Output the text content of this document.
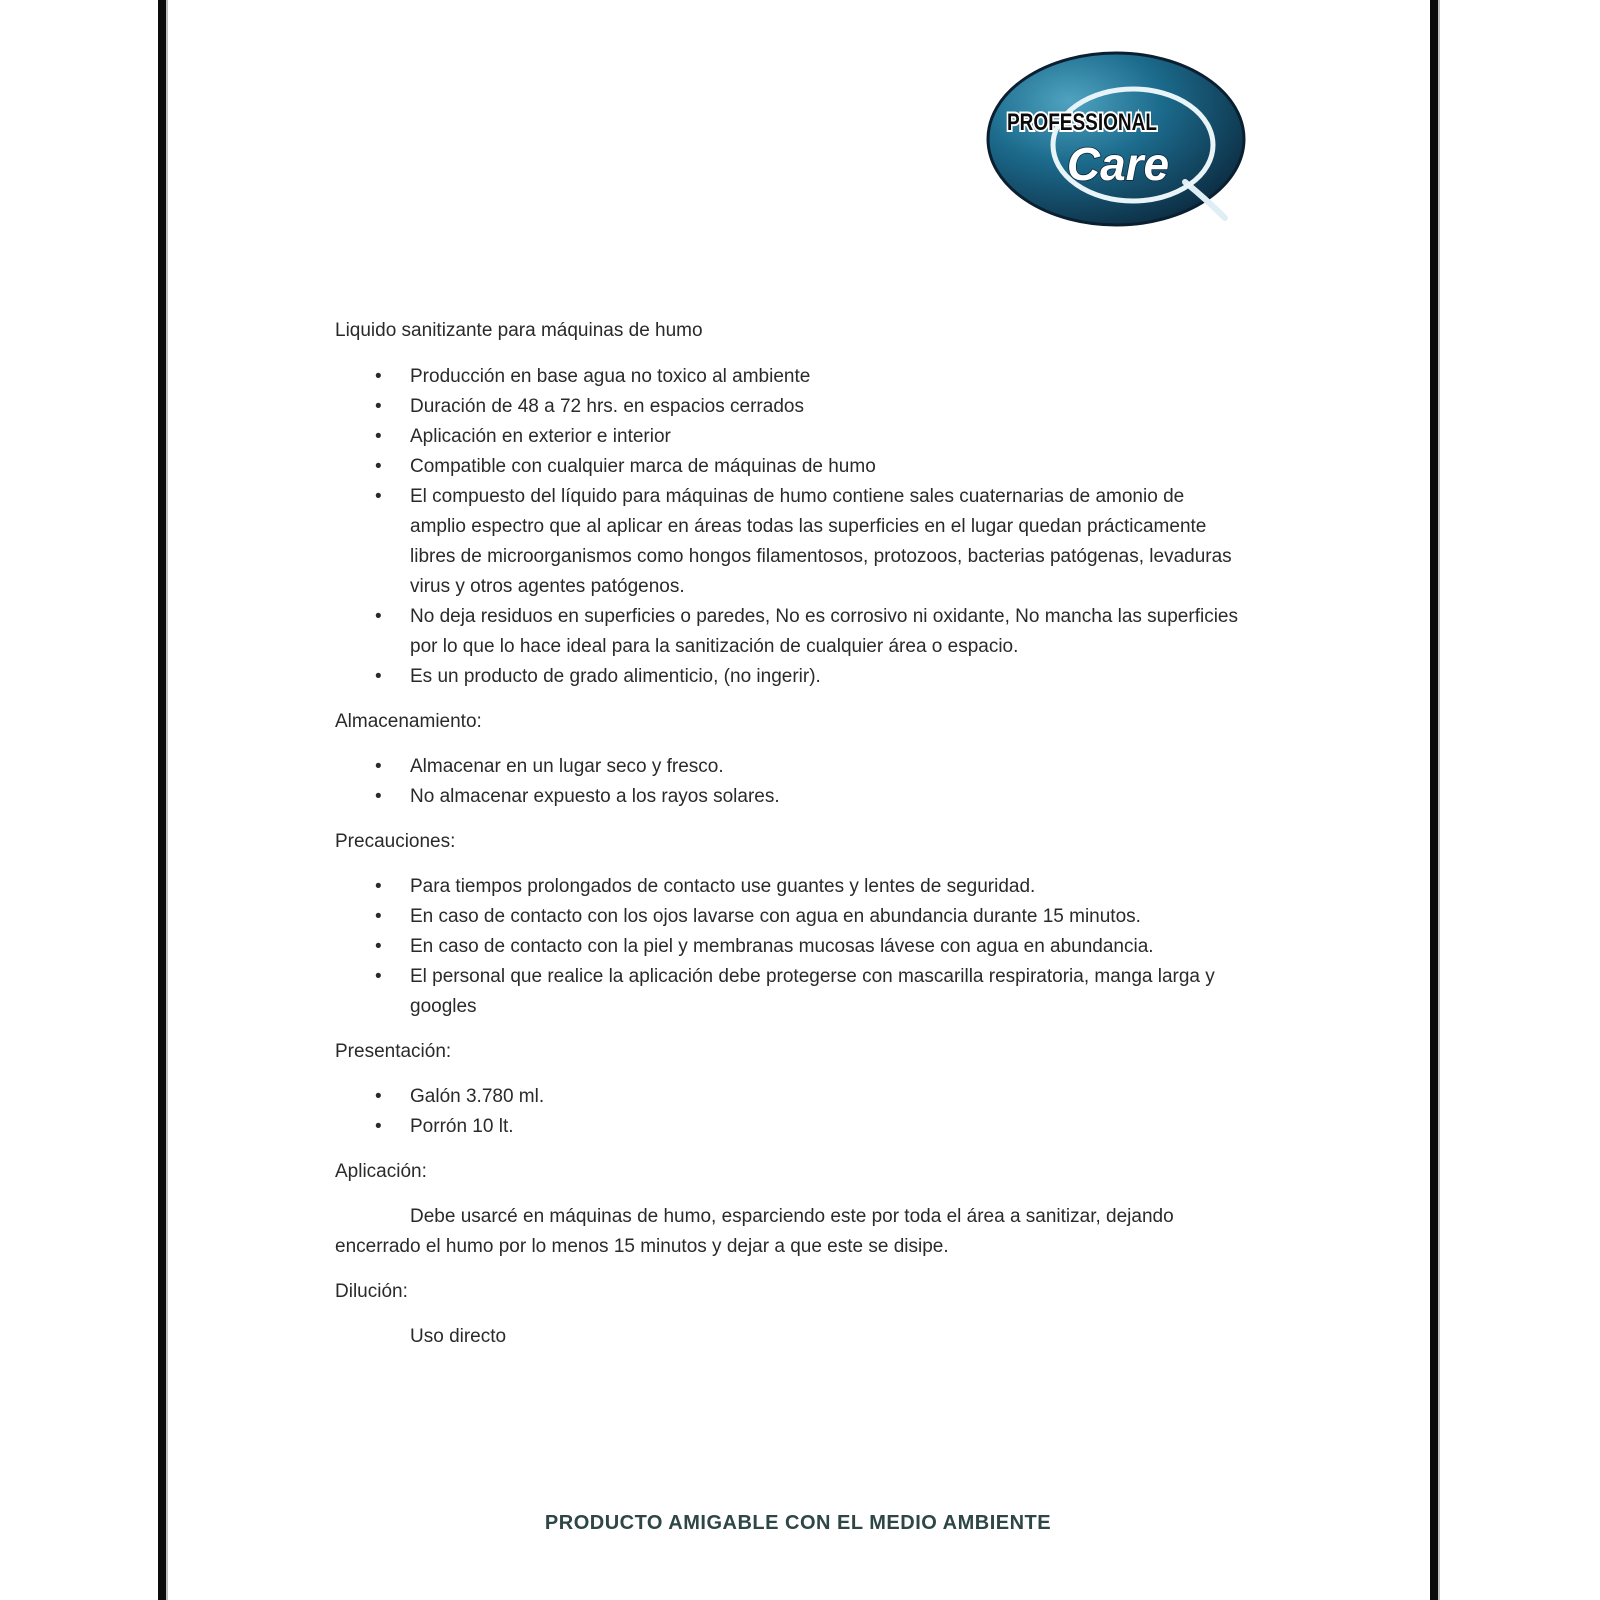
PROFESSIONAL
Care

Liquido sanitizante para máquinas de humo

• Producción en base agua no toxico al ambiente
• Duración de 48 a 72 hrs. en espacios cerrados
• Aplicación en exterior e interior
• Compatible con cualquier marca de máquinas de humo
• El compuesto del líquido para máquinas de humo contiene sales cuaternarias de amonio de amplio espectro que al aplicar en áreas todas las superficies en el lugar quedan prácticamente libres de microorganismos como hongos filamentosos, protozoos, bacterias patógenas, levaduras virus y otros agentes patógenos.
• No deja residuos en superficies o paredes, No es corrosivo ni oxidante, No mancha las superficies por lo que lo hace ideal para la sanitización de cualquier área o espacio.
• Es un producto de grado alimenticio, (no ingerir).

Almacenamiento:

• Almacenar en un lugar seco y fresco.
• No almacenar expuesto a los rayos solares.

Precauciones:

• Para tiempos prolongados de contacto use guantes y lentes de seguridad.
• En caso de contacto con los ojos lavarse con agua en abundancia durante 15 minutos.
• En caso de contacto con la piel y membranas mucosas lávese con agua en abundancia.
• El personal que realice la aplicación debe protegerse con mascarilla respiratoria, manga larga y googles

Presentación:

• Galón 3.780 ml.
• Porrón 10 lt.

Aplicación:

Debe usarcé en máquinas de humo, esparciendo este por toda el área a sanitizar, dejando encerrado el humo por lo menos 15 minutos y dejar a que este se disipe.

Dilución:

Uso directo

PRODUCTO AMIGABLE CON EL MEDIO AMBIENTE
